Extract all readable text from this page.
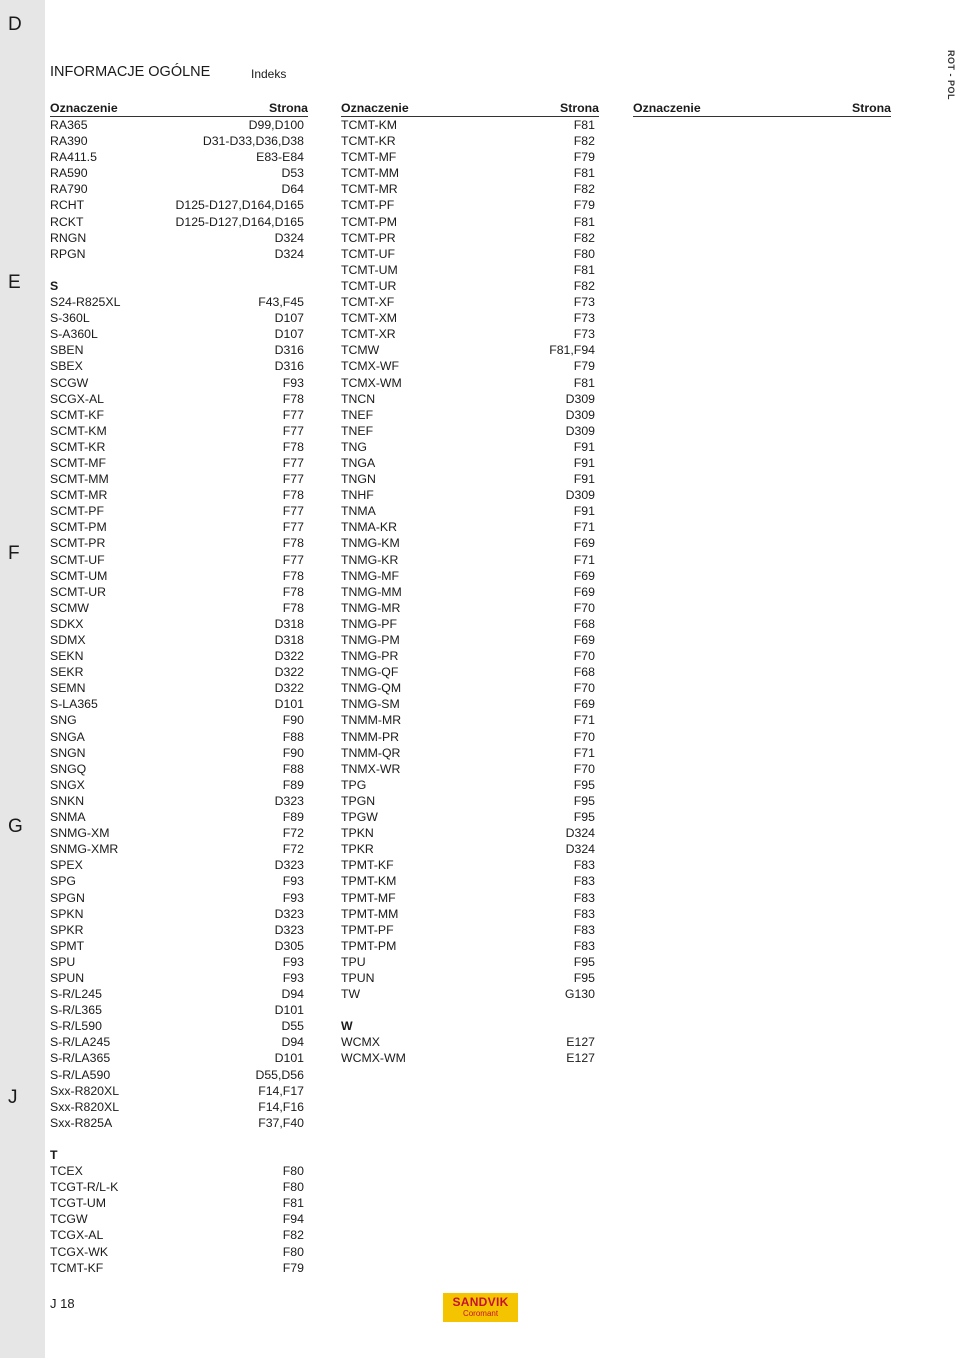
D
E
F
G
J
ROT - POL
INFORMACJE OGÓLNE	Indeks
Oznaczenie	Strona
RA365	D99,D100
RA390	D31-D33,D36,D38
RA411.5	E83-E84
RA590	D53
RA790	D64
RCHT	D125-D127,D164,D165
RCKT	D125-D127,D164,D165
RNGN	D324
RPGN	D324
S
S24-R825XL	F43,F45
S-360L	D107
S-A360L	D107
SBEN	D316
SBEX	D316
SCGW	F93
SCGX-AL	F78
SCMT-KF	F77
SCMT-KM	F77
SCMT-KR	F78
SCMT-MF	F77
SCMT-MM	F77
SCMT-MR	F78
SCMT-PF	F77
SCMT-PM	F77
SCMT-PR	F78
SCMT-UF	F77
SCMT-UM	F78
SCMT-UR	F78
SCMW	F78
SDKX	D318
SDMX	D318
SEKN	D322
SEKR	D322
SEMN	D322
S-LA365	D101
SNG	F90
SNGA	F88
SNGN	F90
SNGQ	F88
SNGX	F89
SNKN	D323
SNMA	F89
SNMG-XM	F72
SNMG-XMR	F72
SPEX	D323
SPG	F93
SPGN	F93
SPKN	D323
SPKR	D323
SPMT	D305
SPU	F93
SPUN	F93
S-R/L245	D94
S-R/L365	D101
S-R/L590	D55
S-R/LA245	D94
S-R/LA365	D101
S-R/LA590	D55,D56
Sxx-R820XL	F14,F17
Sxx-R820XL	F14,F16
Sxx-R825A	F37,F40
T
TCEX	F80
TCGT-R/L-K	F80
TCGT-UM	F81
TCGW	F94
TCGX-AL	F82
TCGX-WK	F80
TCMT-KF	F79
Oznaczenie	Strona
TCMT-KM	F81
TCMT-KR	F82
TCMT-MF	F79
TCMT-MM	F81
TCMT-MR	F82
TCMT-PF	F79
TCMT-PM	F81
TCMT-PR	F82
TCMT-UF	F80
TCMT-UM	F81
TCMT-UR	F82
TCMT-XF	F73
TCMT-XM	F73
TCMT-XR	F73
TCMW	F81,F94
TCMX-WF	F79
TCMX-WM	F81
TNCN	D309
TNEF	D309
TNEF	D309
TNG	F91
TNGA	F91
TNGN	F91
TNHF	D309
TNMA	F91
TNMA-KR	F71
TNMG-KM	F69
TNMG-KR	F71
TNMG-MF	F69
TNMG-MM	F69
TNMG-MR	F70
TNMG-PF	F68
TNMG-PM	F69
TNMG-PR	F70
TNMG-QF	F68
TNMG-QM	F70
TNMG-SM	F69
TNMM-MR	F71
TNMM-PR	F70
TNMM-QR	F71
TNMX-WR	F70
TPG	F95
TPGN	F95
TPGW	F95
TPKN	D324
TPKR	D324
TPMT-KF	F83
TPMT-KM	F83
TPMT-MF	F83
TPMT-MM	F83
TPMT-PF	F83
TPMT-PM	F83
TPU	F95
TPUN	F95
TW	G130
W
WCMX	E127
WCMX-WM	E127
Oznaczenie	Strona
J 18	SANDVIK
Coromant
